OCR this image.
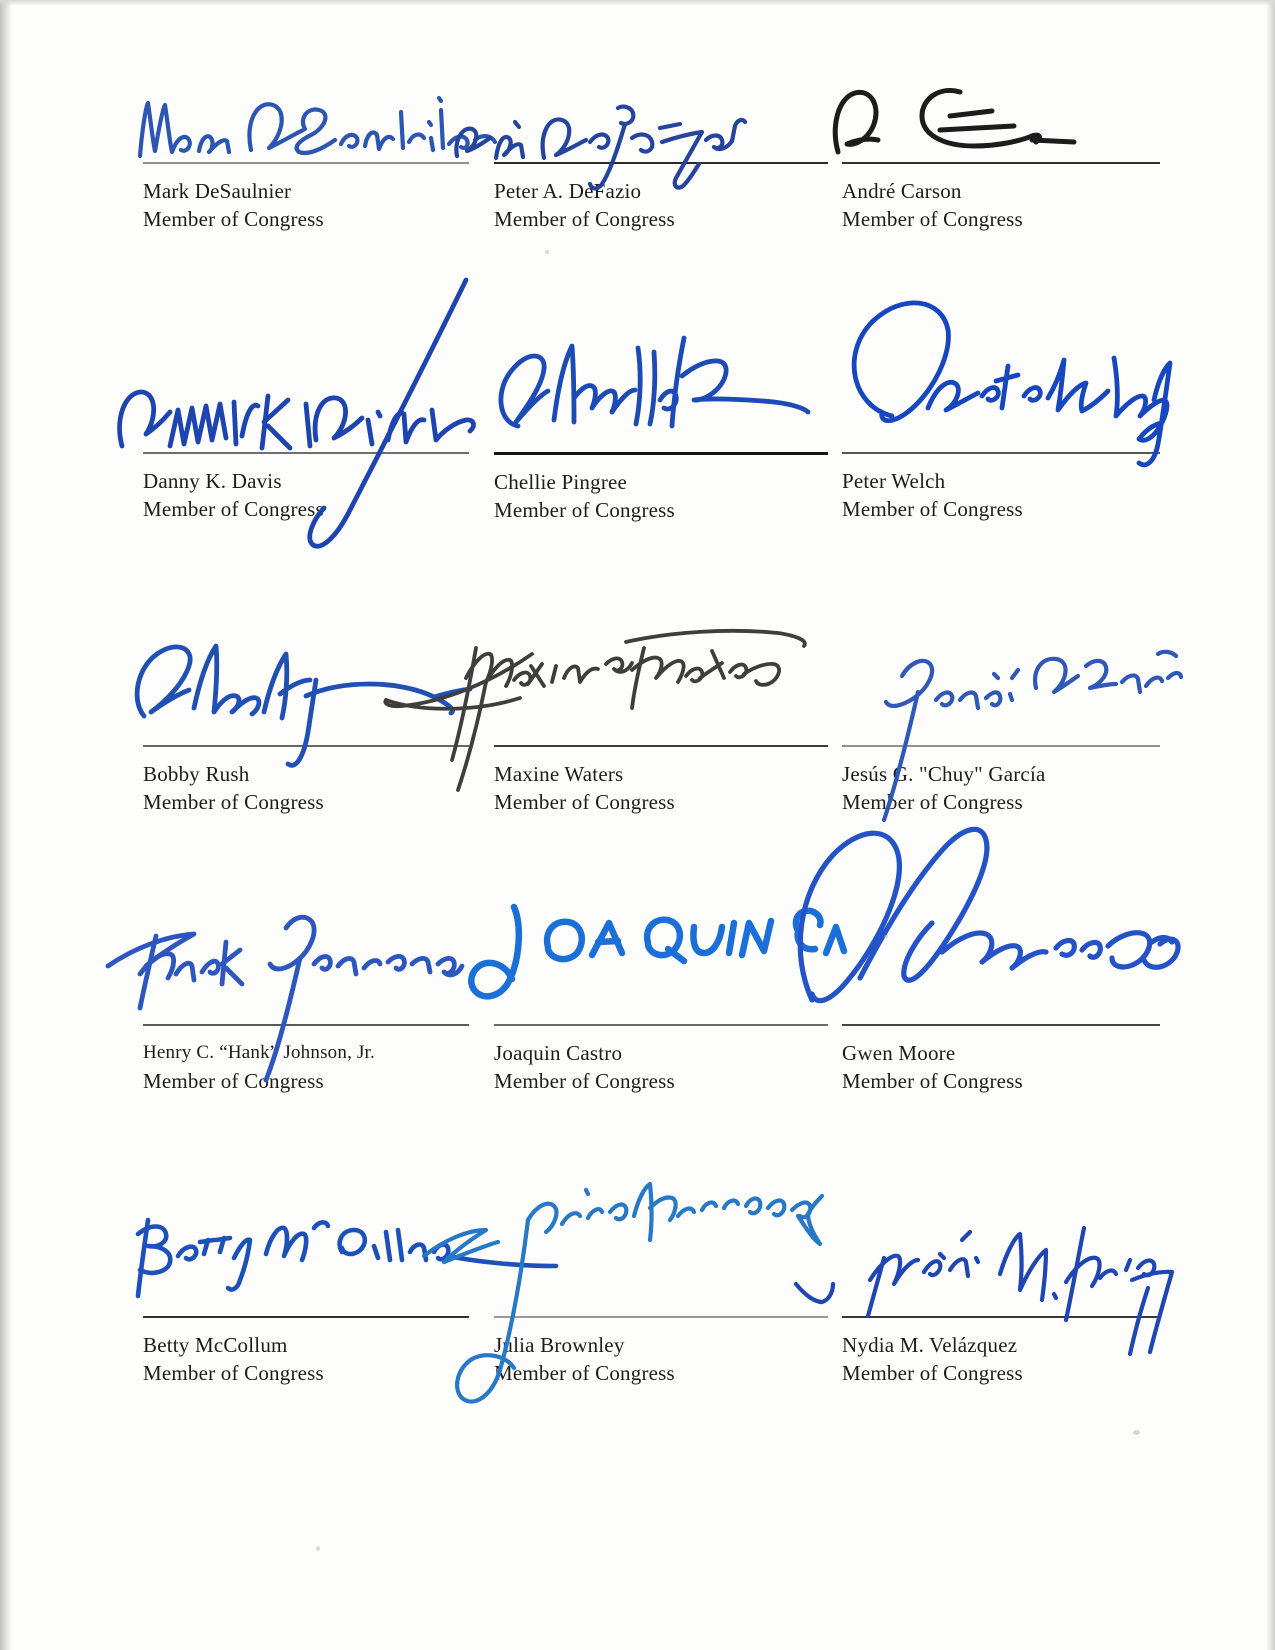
Mark DeSaulnier
Member of Congress
Peter A. DeFazio
Member of Congress
André Carson
Member of Congress
Danny K. Davis
Member of Congress
Chellie Pingree
Member of Congress
Peter Welch
Member of Congress
Bobby Rush
Member of Congress
Maxine Waters
Member of Congress
Jesús G. "Chuy" García
Member of Congress
Henry C. “Hank” Johnson, Jr.
Member of Congress
Joaquin Castro
Member of Congress
Gwen Moore
Member of Congress
Betty McCollum
Member of Congress
Julia Brownley
Member of Congress
Nydia M. Velázquez
Member of Congress
